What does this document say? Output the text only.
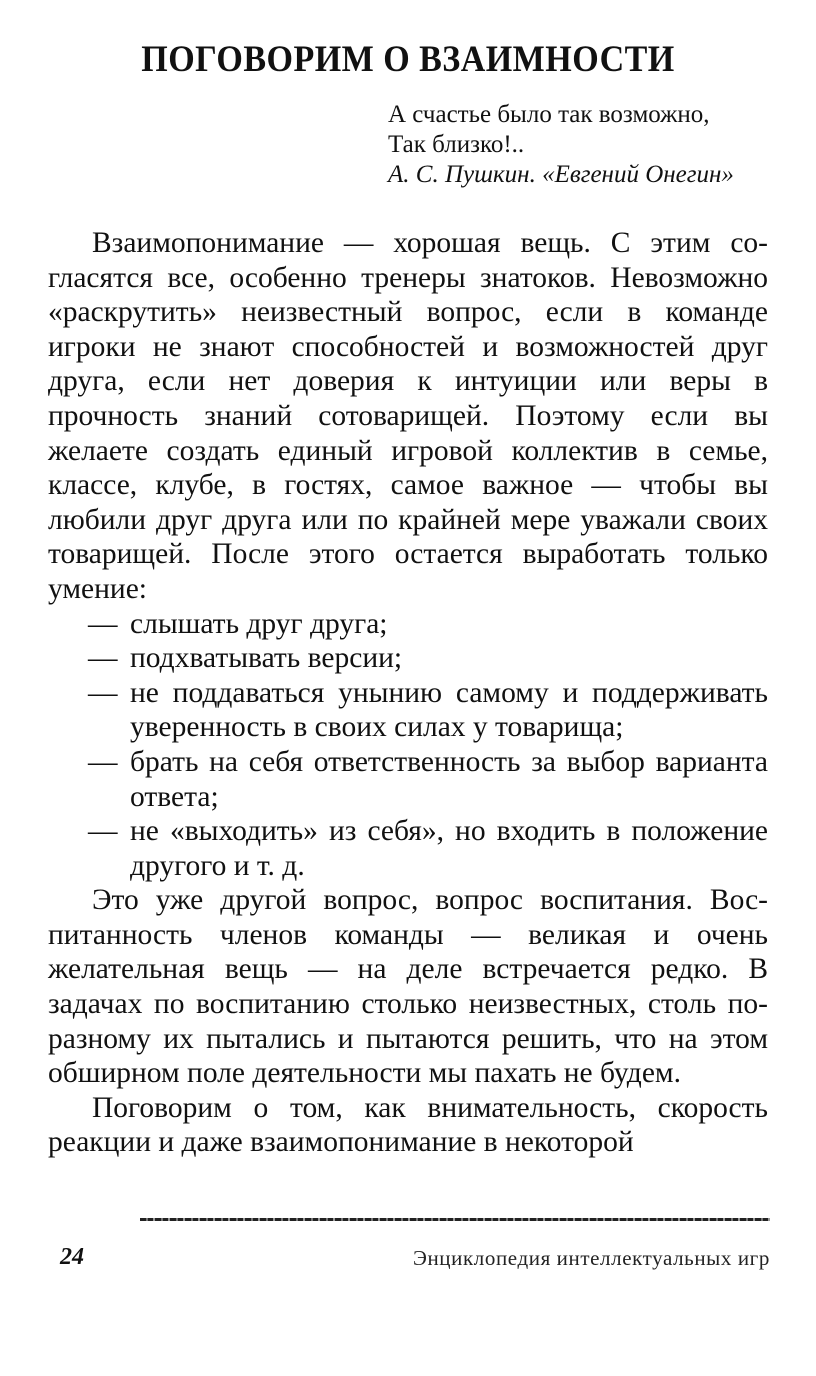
ПОГОВОРИМ О ВЗАИМНОСТИ
А счастье было так возможно,
Так близко!..
А. С. Пушкин. «Евгений Онегин»

Взаимопонимание — хорошая вещь. С этим согласятся все, особенно тренеры знатоков. Невозможно «раскрутить» неизвестный вопрос, если в команде игроки не знают способностей и возможностей друг друга, если нет доверия к интуиции или веры в прочность знаний сотоварищей. Поэтому если вы желаете создать единый игровой коллектив в семье, классе, клубе, в гостях, самое важное — чтобы вы любили друг друга или по крайней мере уважали своих товарищей. После этого остается выработать только умение:

— слышать друг друга;
— подхватывать версии;
— не поддаваться унынию самому и поддерживать уверенность в своих силах у товарища;
— брать на себя ответственность за выбор варианта ответа;
— не «выходить» из себя», но входить в положение другого и т. д.

Это уже другой вопрос, вопрос воспитания. Воспитанность членов команды — великая и очень желательная вещь — на деле встречается редко. В задачах по воспитанию столько неизвестных, столь по-разному их пытались и пытаются решить, что на этом обширном поле деятельности мы пахать не будем.

Поговорим о том, как внимательность, скорость реакции и даже взаимопонимание в некоторой

24	Энциклопедия интеллектуальных игр
